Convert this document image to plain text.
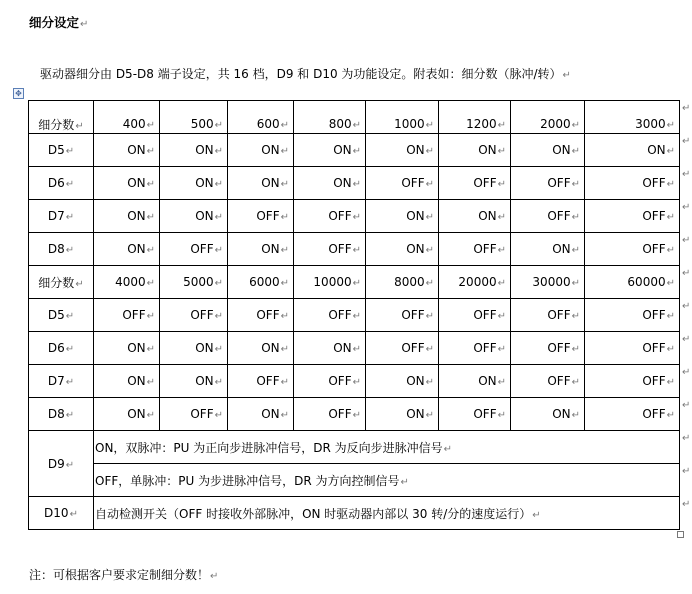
细分设定↵
驱动器细分由 D5-D8 端子设定，共 16 档，D9 和 D10 为功能设定。附表如：细分数（脉冲/转）↵
✥
细分数↵	400↵	500↵	600↵	800↵	1000↵	1200↵	2000↵	3000↵
D5↵	ON↵	ON↵	ON↵	ON↵	ON↵	ON↵	ON↵	ON↵
D6↵	ON↵	ON↵	ON↵	ON↵	OFF↵	OFF↵	OFF↵	OFF↵
D7↵	ON↵	ON↵	OFF↵	OFF↵	ON↵	ON↵	OFF↵	OFF↵
D8↵	ON↵	OFF↵	ON↵	OFF↵	ON↵	OFF↵	ON↵	OFF↵
细分数↵	4000↵	5000↵	6000↵	10000↵	8000↵	20000↵	30000↵	60000↵
D5↵	OFF↵	OFF↵	OFF↵	OFF↵	OFF↵	OFF↵	OFF↵	OFF↵
D6↵	ON↵	ON↵	ON↵	ON↵	OFF↵	OFF↵	OFF↵	OFF↵
D7↵	ON↵	ON↵	OFF↵	OFF↵	ON↵	ON↵	OFF↵	OFF↵
D8↵	ON↵	OFF↵	ON↵	OFF↵	ON↵	OFF↵	ON↵	OFF↵
D9↵	ON，双脉冲：PU 为正向步进脉冲信号，DR 为反向步进脉冲信号↵							
	OFF，单脉冲：PU 为步进脉冲信号，DR 为方向控制信号↵							
D10↵	自动检测开关（OFF 时接收外部脉冲，ON 时驱动器内部以 30 转/分的速度运行）↵							
↵
↵
↵
↵
↵
↵
↵
↵
↵
↵
↵
↵
↵
注：可根据客户要求定制细分数！↵
